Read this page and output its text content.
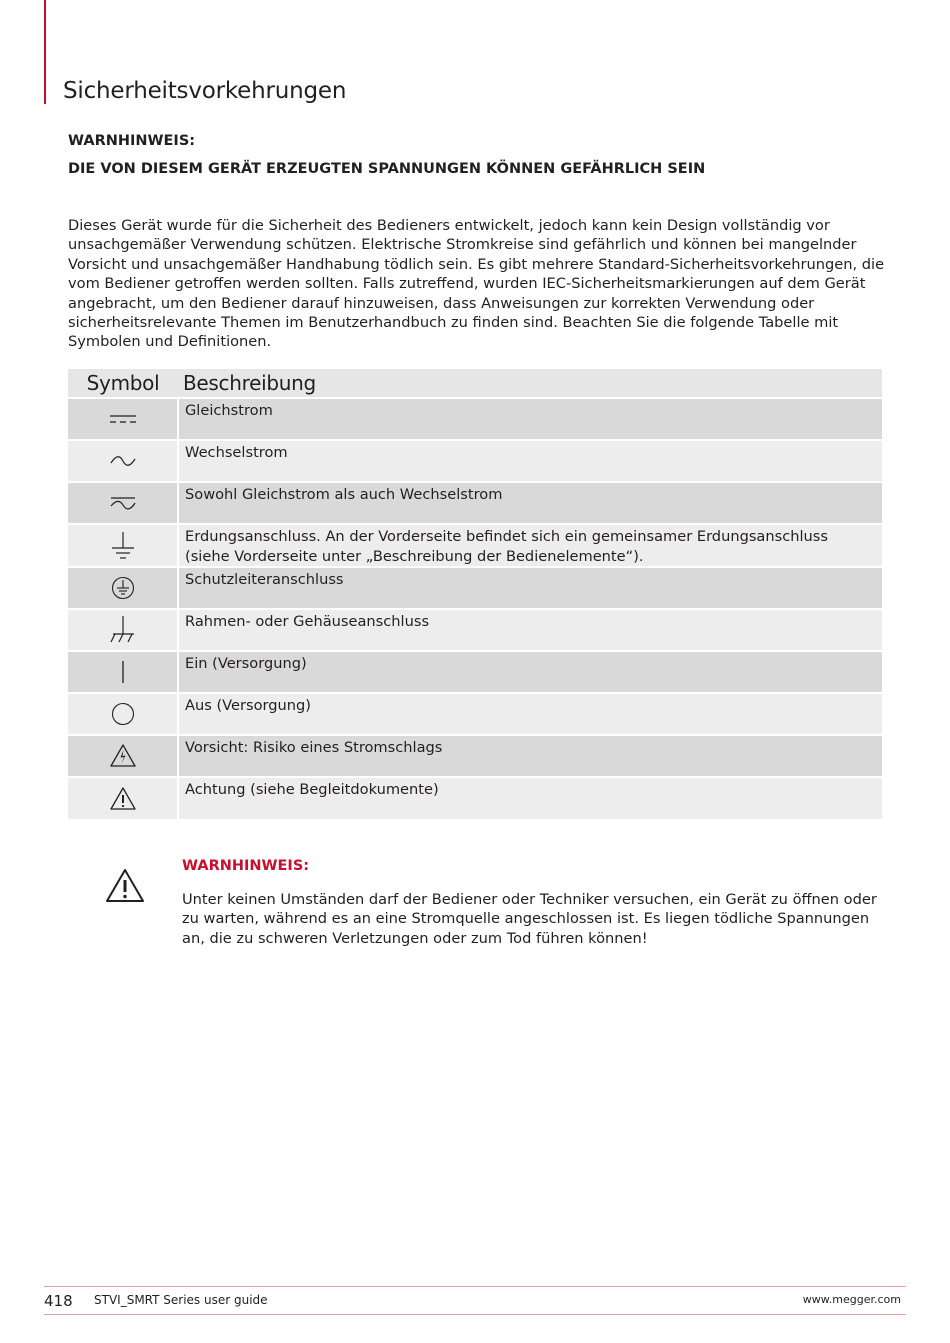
Sicherheitsvorkehrungen
WARNHINWEIS:
DIE VON DIESEM GERÄT ERZEUGTEN SPANNUNGEN KÖNNEN GEFÄHRLICH SEIN

Dieses Gerät wurde für die Sicherheit des Bedieners entwickelt, jedoch kann kein Design vollständig vor unsachgemäßer Verwendung schützen. Elektrische Stromkreise sind gefährlich und können bei mangelnder Vorsicht und unsachgemäßer Handhabung tödlich sein. Es gibt mehrere Standard-Sicherheitsvorkehrungen, die vom Bediener getroffen werden sollten. Falls zutreffend, wurden IEC-Sicherheitsmarkierungen auf dem Gerät angebracht, um den Bediener darauf hinzuweisen, dass Anweisungen zur korrekten Verwendung oder sicherheitsrelevante Themen im Benutzerhandbuch zu finden sind. Beachten Sie die folgende Tabelle mit Symbolen und Definitionen.

Symbol	Beschreibung

	Gleichstrom

	Wechselstrom

	Sowohl Gleichstrom als auch Wechselstrom

	Erdungsanschluss. An der Vorderseite befindet sich ein gemeinsamer Erdungsanschluss (siehe Vorderseite unter „Beschreibung der Bedienelemente“).

	Schutzleiteranschluss

	Rahmen- oder Gehäuseanschluss

	Ein (Versorgung)

	Aus (Versorgung)

	Vorsicht: Risiko eines Stromschlags

	Achtung (siehe Begleitdokumente)
WARNHINWEIS:

Unter keinen Umständen darf der Bediener oder Techniker versuchen, ein Gerät zu öffnen oder zu warten, während es an eine Stromquelle angeschlossen ist. Es liegen tödliche Spannungen an, die zu schweren Verletzungen oder zum Tod führen können!

418 STVI_SMRT Series user guide	www.megger.com
